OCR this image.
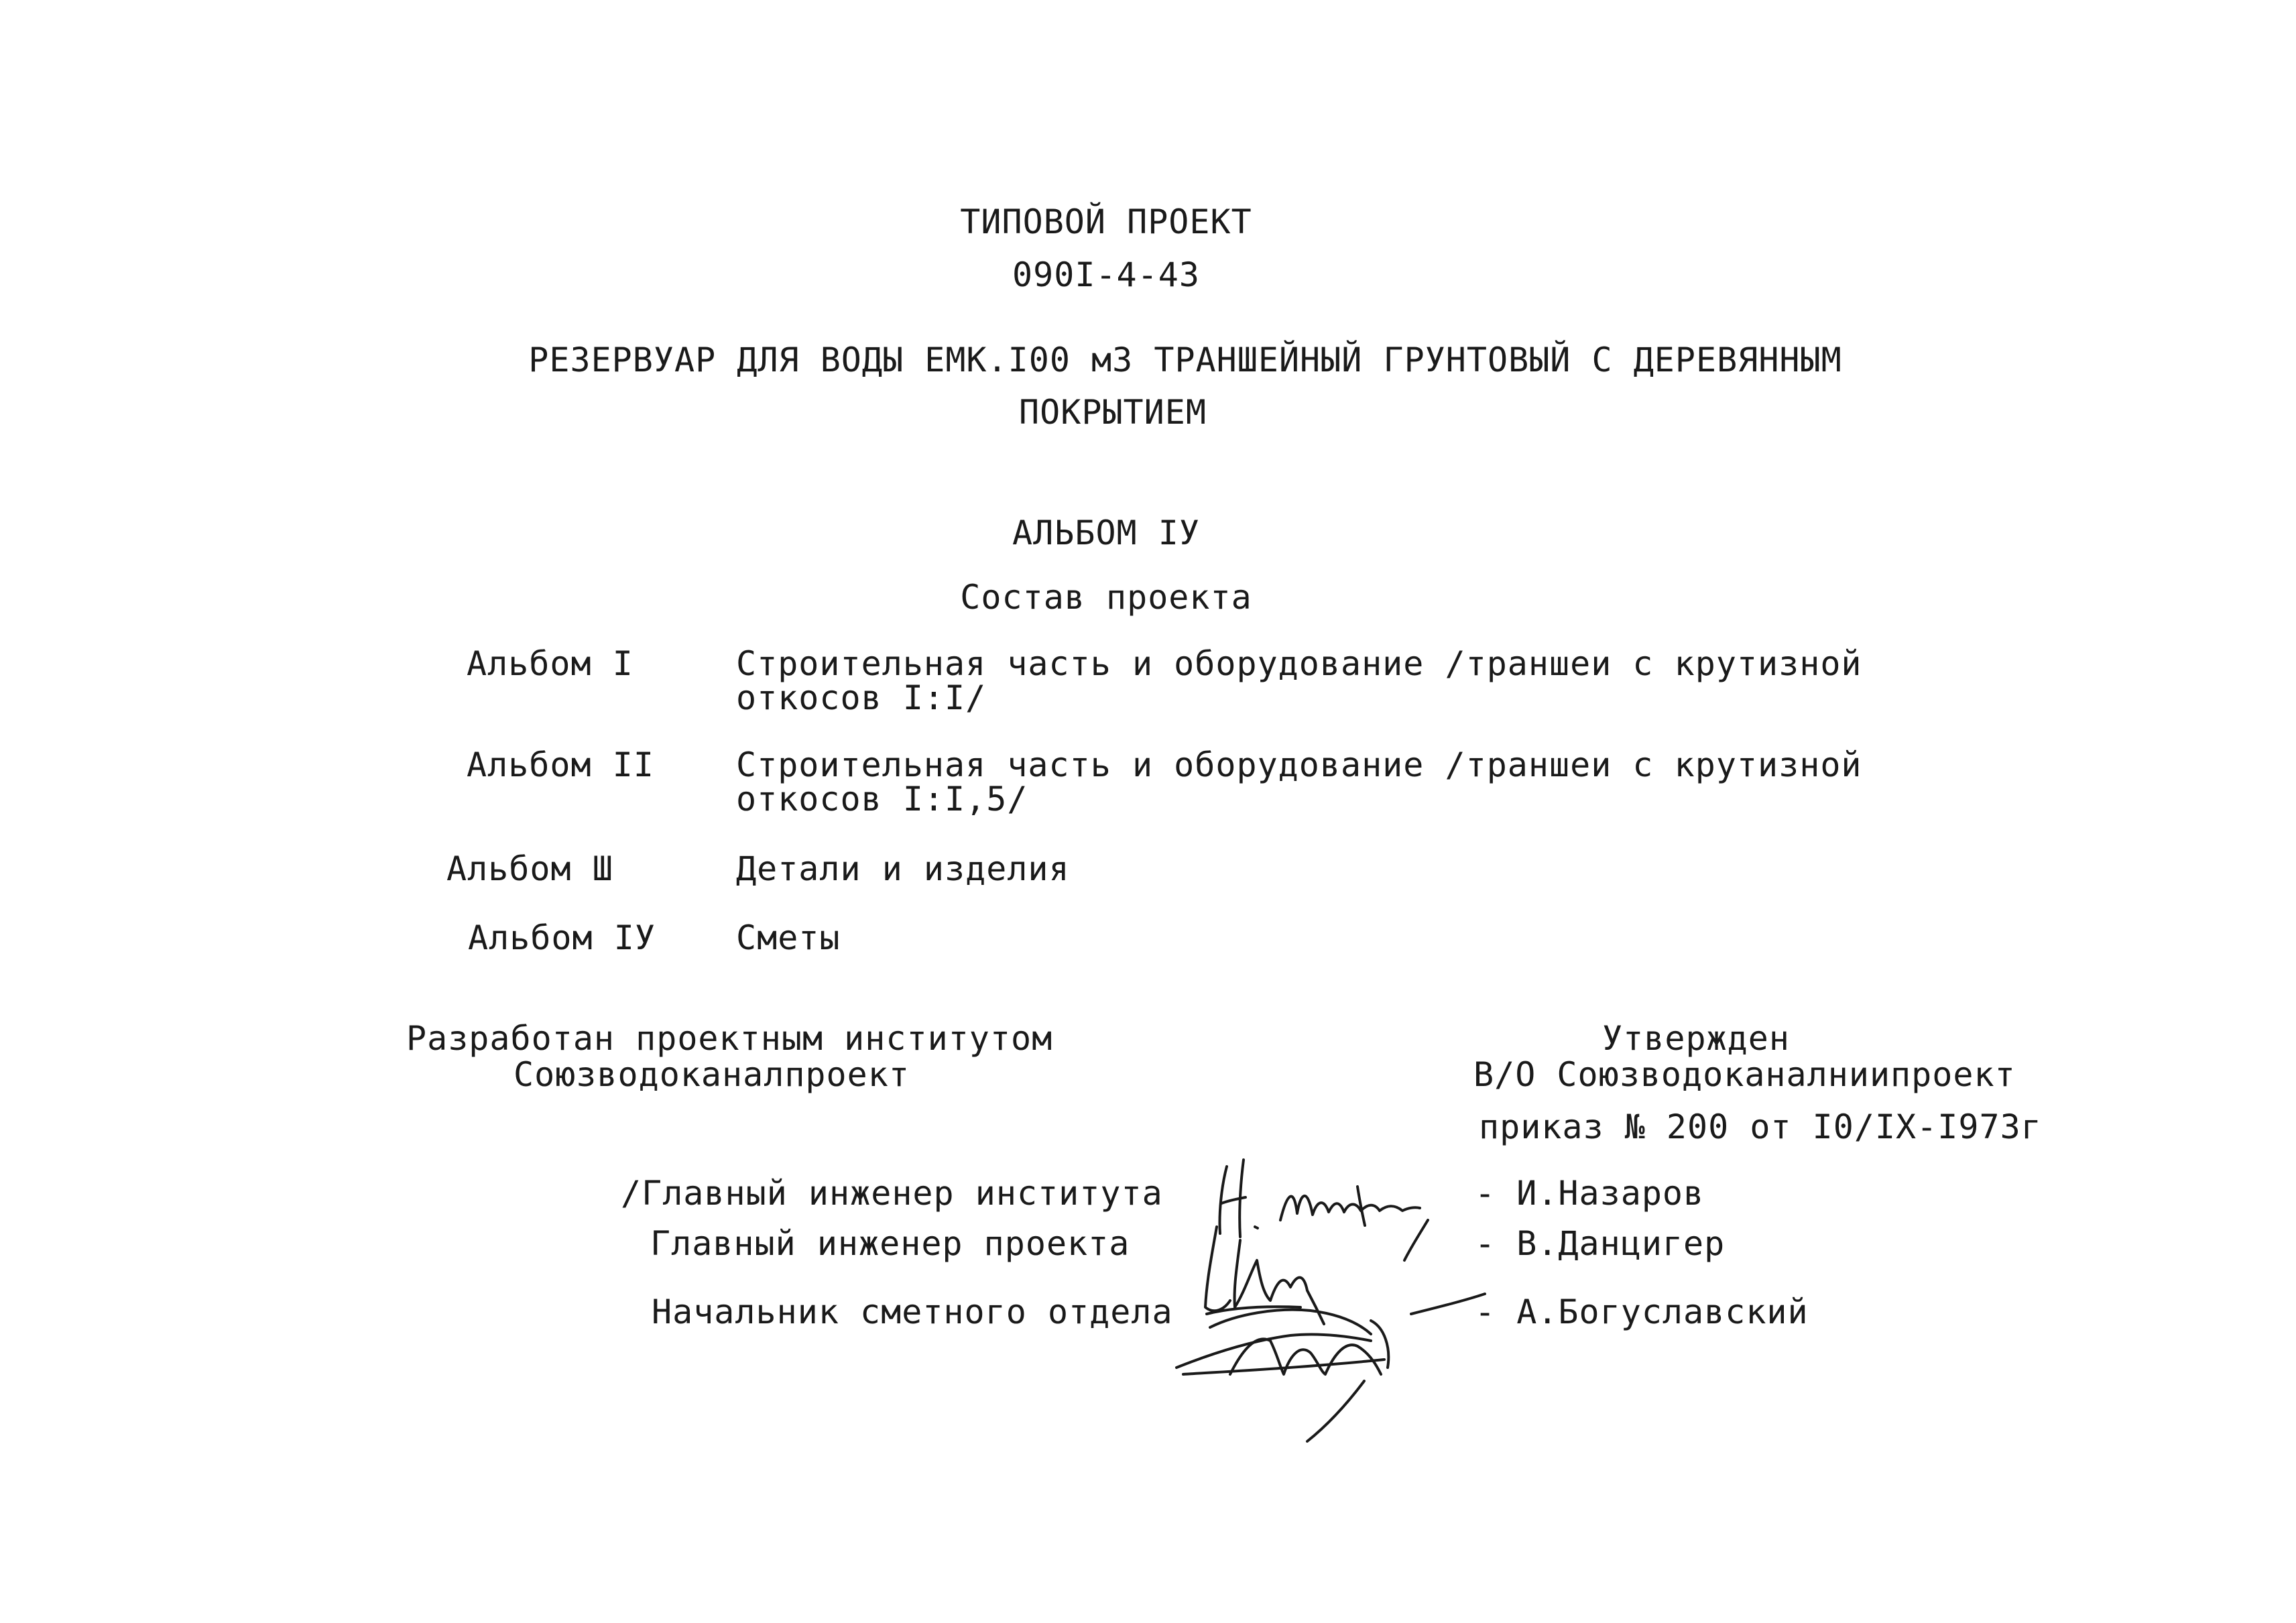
ТИПОВОЙ ПРОЕКТ
090I-4-43
РЕЗЕРВУАР ДЛЯ ВОДЫ ЕМК.I00 м3 ТРАНШЕЙНЫЙ ГРУНТОВЫЙ С ДЕРЕВЯННЫМ
ПОКРЫТИЕМ
АЛЬБОМ IУ
Состав проекта
Альбом I	Строительная часть и оборудование /траншеи с крутизной
откосов I:I/
Альбом II Строительная часть и оборудование /траншеи с крутизной
откосов I:I,5/
Альбом Ш	Детали и изделия
Альбом IУ Сметы
Разработан проектным институтом
Союзводоканалпроект
Утвержден
В/О Союзводоканалниипроект
приказ № 200 от I0/IX-I973г
/Главный инженер института	- И.Назаров
Главный инженер проекта	- В.Данцигер
Начальник сметного отдела	- А.Богуславский
